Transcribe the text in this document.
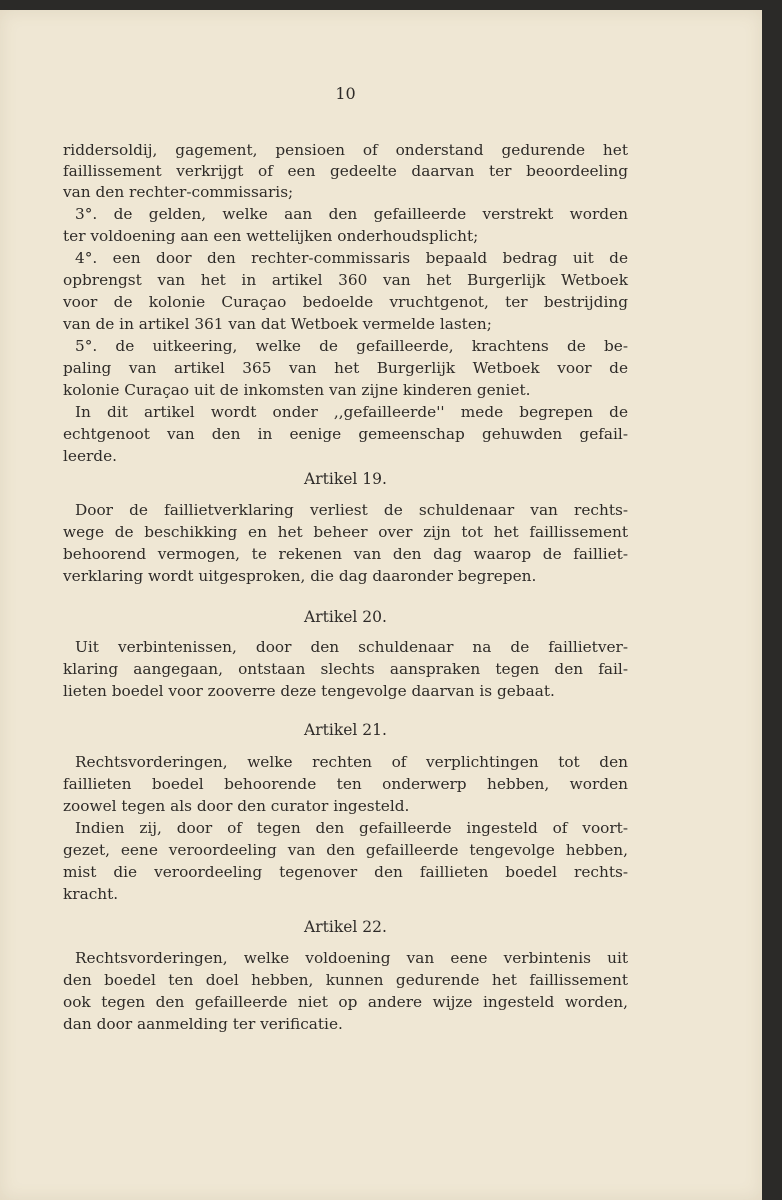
10
riddersoldij, gagement, pensioen of onderstand gedurende het
faillissement verkrijgt of een gedeelte daarvan ter beoordeeling
van den rechter-commissaris;
3°. de gelden, welke aan den gefailleerde verstrekt worden
ter voldoening aan een wettelijken onderhoudsplicht;
4°. een door den rechter-commissaris bepaald bedrag uit de
opbrengst van het in artikel 360 van het Burgerlijk Wetboek
voor de kolonie Curaçao bedoelde vruchtgenot, ter bestrijding
van de in artikel 361 van dat Wetboek vermelde lasten;
5°. de uitkeering, welke de gefailleerde, krachtens de be-
paling van artikel 365 van het Burgerlijk Wetboek voor de
kolonie Curaçao uit de inkomsten van zijne kinderen geniet.
In dit artikel wordt onder ,,gefailleerde'' mede begrepen de
echtgenoot van den in eenige gemeenschap gehuwden gefail-
leerde.
Artikel 19.
Door de faillietverklaring verliest de schuldenaar van rechts-
wege de beschikking en het beheer over zijn tot het faillissement
behoorend vermogen, te rekenen van den dag waarop de failliet-
verklaring wordt uitgesproken, die dag daaronder begrepen.
Artikel 20.
Uit verbintenissen, door den schuldenaar na de faillietver-
klaring aangegaan, ontstaan slechts aanspraken tegen den fail-
lieten boedel voor zooverre deze tengevolge daarvan is gebaat.
Artikel 21.
Rechtsvorderingen, welke rechten of verplichtingen tot den
faillieten boedel behoorende ten onderwerp hebben, worden
zoowel tegen als door den curator ingesteld.
Indien zij, door of tegen den gefailleerde ingesteld of voort-
gezet, eene veroordeeling van den gefailleerde tengevolge hebben,
mist die veroordeeling tegenover den faillieten boedel rechts-
kracht.
Artikel 22.
Rechtsvorderingen, welke voldoening van eene verbintenis uit
den boedel ten doel hebben, kunnen gedurende het faillissement
ook tegen den gefailleerde niet op andere wijze ingesteld worden,
dan door aanmelding ter verificatie.
